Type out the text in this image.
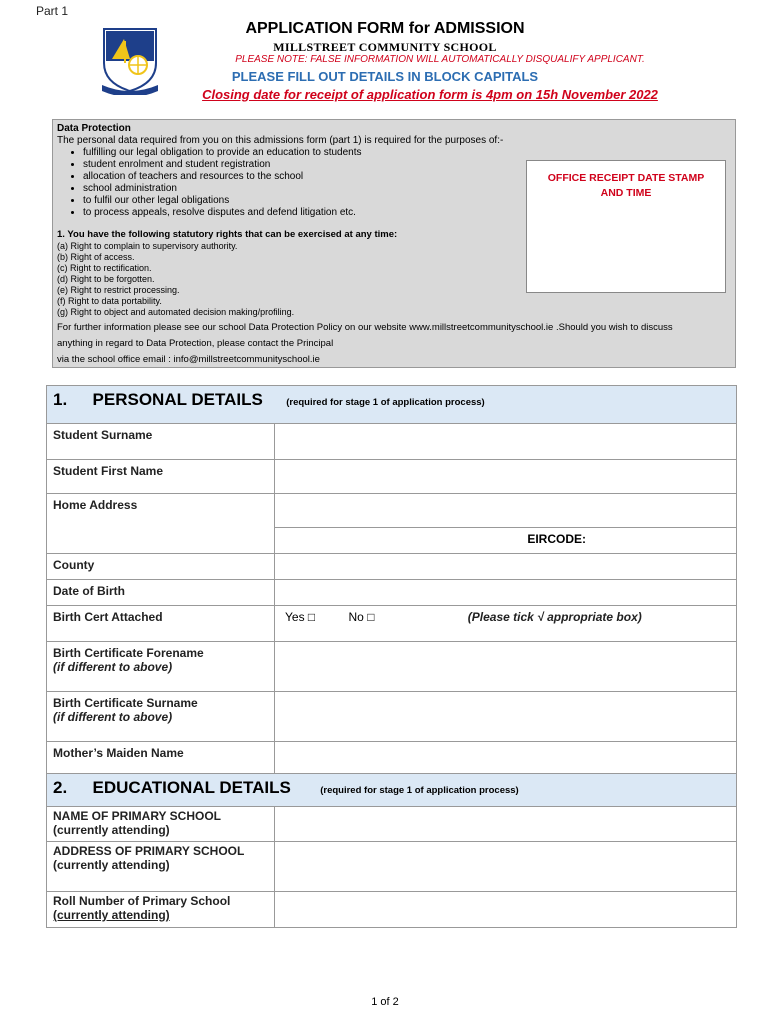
Part 1
APPLICATION FORM for ADMISSION
MILLSTREET COMMUNITY SCHOOL
PLEASE NOTE: FALSE INFORMATION WILL AUTOMATICALLY DISQUALIFY APPLICANT.
PLEASE FILL OUT DETAILS IN BLOCK CAPITALS
Closing date for receipt of application form is 4pm on 15h November 2022
Data Protection
The personal data required from you on this admissions form (part 1) is required for the purposes of:-
• fulfilling our legal obligation to provide an education to students
• student enrolment and student registration
• allocation of teachers and resources to the school
• school administration
• to fulfil our other legal obligations
• to process appeals, resolve disputes and defend litigation etc.
1. You have the following statutory rights that can be exercised at any time:
(a) Right to complain to supervisory authority.
(b) Right of access.
(c) Right to rectification.
(d) Right to be forgotten.
(e) Right to restrict processing.
(f) Right to data portability.
(g) Right to object and automated decision making/profiling.
For further information please see our school Data Protection Policy on our website www.millstreetcommunityschool.ie .Should you wish to discuss
anything in regard to Data Protection, please contact the Principal
via the school office email : info@millstreetcommunityschool.ie
OFFICE RECEIPT DATE STAMP
AND TIME
1. PERSONAL DETAILS (required for stage 1 of application process)	
Student Surname	
Student First Name	
Home Address	
	EIRCODE:
County	
Date of Birth	
Birth Cert Attached	Yes □ No □ (Please tick √ appropriate box)

Birth Certificate Forename
(if different to above)	

Birth Certificate Surname
(if different to above)	

Mother’s Maiden Name	
2. EDUCATIONAL DETAILS (required for stage 1 of application process)	

NAME OF PRIMARY SCHOOL
(currently attending)	

ADDRESS OF PRIMARY SCHOOL
(currently attending)	

Roll Number of Primary School
(currently attending)	

1 of 2
